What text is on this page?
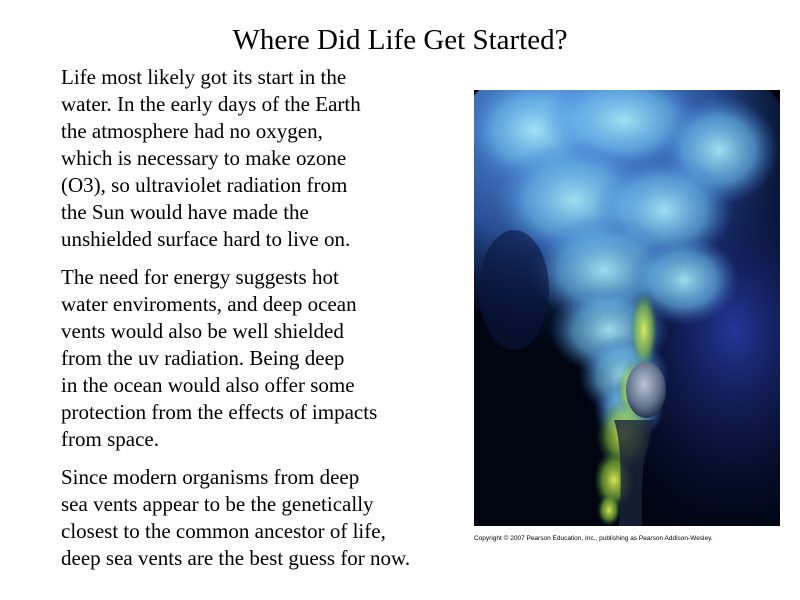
Where Did Life Get Started?

Life most likely got its start in the
water. In the early days of the Earth
the atmosphere had no oxygen,
which is necessary to make ozone
(O3), so ultraviolet radiation from
the Sun would have made the
unshielded surface hard to live on.

The need for energy suggests hot
water enviroments, and deep ocean
vents would also be well shielded
from the uv radiation. Being deep
in the ocean would also offer some
protection from the effects of impacts
from space.

Since modern organisms from deep
sea vents appear to be the genetically
closest to the common ancestor of life,
deep sea vents are the best guess for now.

Copyright © 2007 Pearson Education, Inc., publishing as Pearson Addison-Wesley.
